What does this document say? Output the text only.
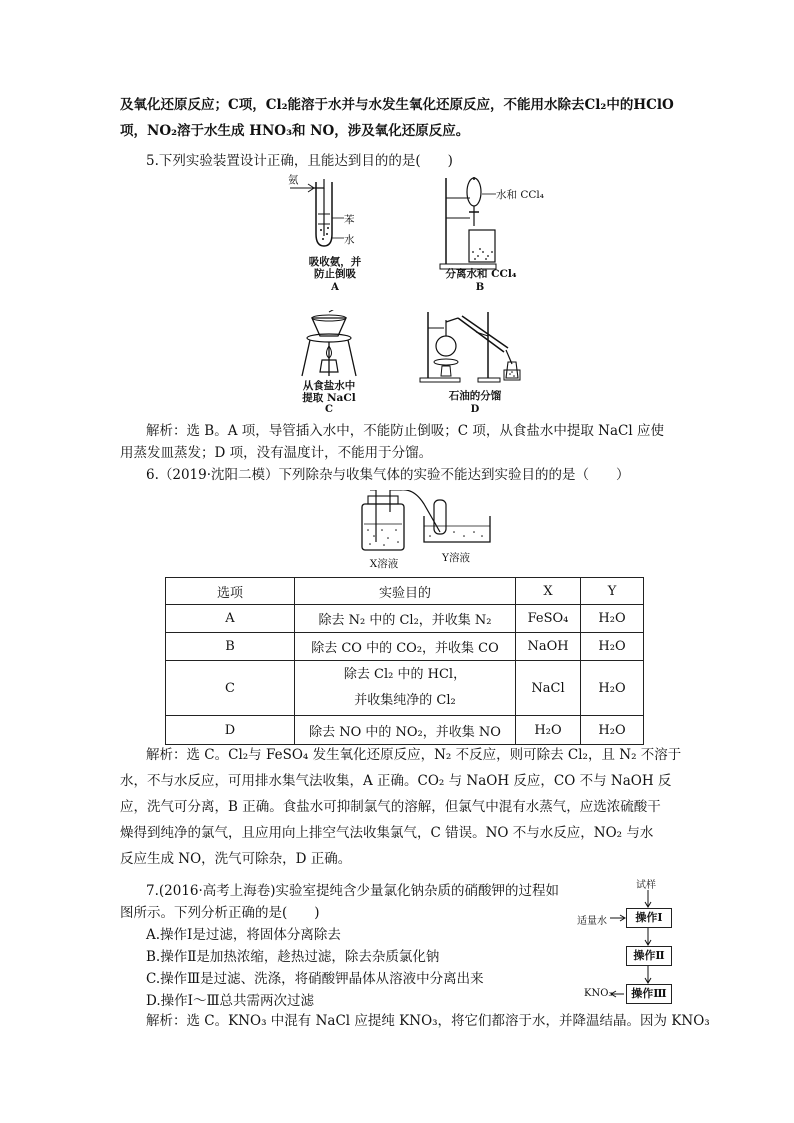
及氧化还原反应；C项，Cl₂能溶于水并与水发生氧化还原反应，不能用水除去Cl₂中的HClO
项，NO₂溶于水生成 HNO₃和 NO，涉及氧化还原反应。
5.下列实验装置设计正确，且能达到目的的是(　　)
氨
苯
水
吸收氨，并
防止倒吸
A
水和 CCl₄
分离水和 CCl₄
B
从食盐水中
提取 NaCl
C
石油的分馏
D
解析：选 B。A 项，导管插入水中，不能防止倒吸；C 项，从食盐水中提取 NaCl 应使
用蒸发皿蒸发；D 项，没有温度计，不能用于分馏。
6.（2019·沈阳二模）下列除杂与收集气体的实验不能达到实验目的的是（　　）
X溶液	Y溶液
选项	实验目的	X	Y
A	除去 N₂ 中的 Cl₂，并收集 N₂	FeSO₄	H₂O
B	除去 CO 中的 CO₂，并收集 CO	NaOH	H₂O
C	除去 Cl₂ 中的 HCl，
并收集纯净的 Cl₂	NaCl	H₂O
D	除去 NO 中的 NO₂，并收集 NO	H₂O	H₂O
解析：选 C。Cl₂与 FeSO₄ 发生氧化还原反应，N₂ 不反应，则可除去 Cl₂，且 N₂ 不溶于
水，不与水反应，可用排水集气法收集，A 正确。CO₂ 与 NaOH 反应，CO 不与 NaOH 反
应，洗气可分离，B 正确。食盐水可抑制氯气的溶解，但氯气中混有水蒸气，应选浓硫酸干
燥得到纯净的氯气，且应用向上排空气法收集氯气，C 错误。NO 不与水反应，NO₂ 与水
反应生成 NO，洗气可除杂，D 正确。
7.(2016·高考上海卷)实验室提纯含少量氯化钠杂质的硝酸钾的过程如
图所示。下列分析正确的是(　　)
A.操作Ⅰ是过滤，将固体分离除去
B.操作Ⅱ是加热浓缩，趁热过滤，除去杂质氯化钠
C.操作Ⅲ是过滤、洗涤，将硝酸钾晶体从溶液中分离出来
D.操作Ⅰ～Ⅲ总共需两次过滤
解析：选 C。KNO₃ 中混有 NaCl 应提纯 KNO₃，将它们都溶于水，并降温结晶。因为 KNO₃
试样
适量水	操作Ⅰ
操作Ⅱ
操作Ⅲ
KNO₃
